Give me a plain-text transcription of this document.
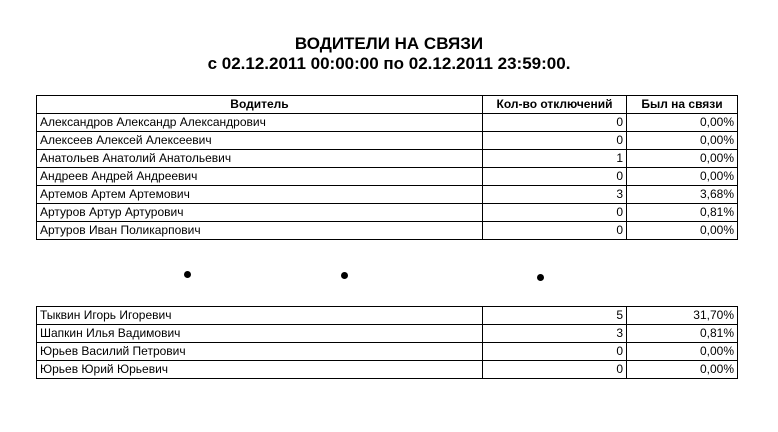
ВОДИТЕЛИ НА СВЯЗИ
с 02.12.2011 00:00:00 по 02.12.2011 23:59:00.
Водитель	Кол-во отключений	Был на связи
Александров Александр Александрович	0	0,00%
Алексеев Алексей Алексеевич	0	0,00%
Анатольев Анатолий Анатольевич	1	0,00%
Андреев Андрей Андреевич	0	0,00%
Артемов Артем Артемович	3	3,68%
Артуров Артур Артурович	0	0,81%
Артуров Иван Поликарпович	0	0,00%
Тыквин Игорь Игоревич	5	31,70%
Шапкин Илья Вадимович	3	0,81%
Юрьев Василий Петрович	0	0,00%
Юрьев Юрий Юрьевич	0	0,00%
